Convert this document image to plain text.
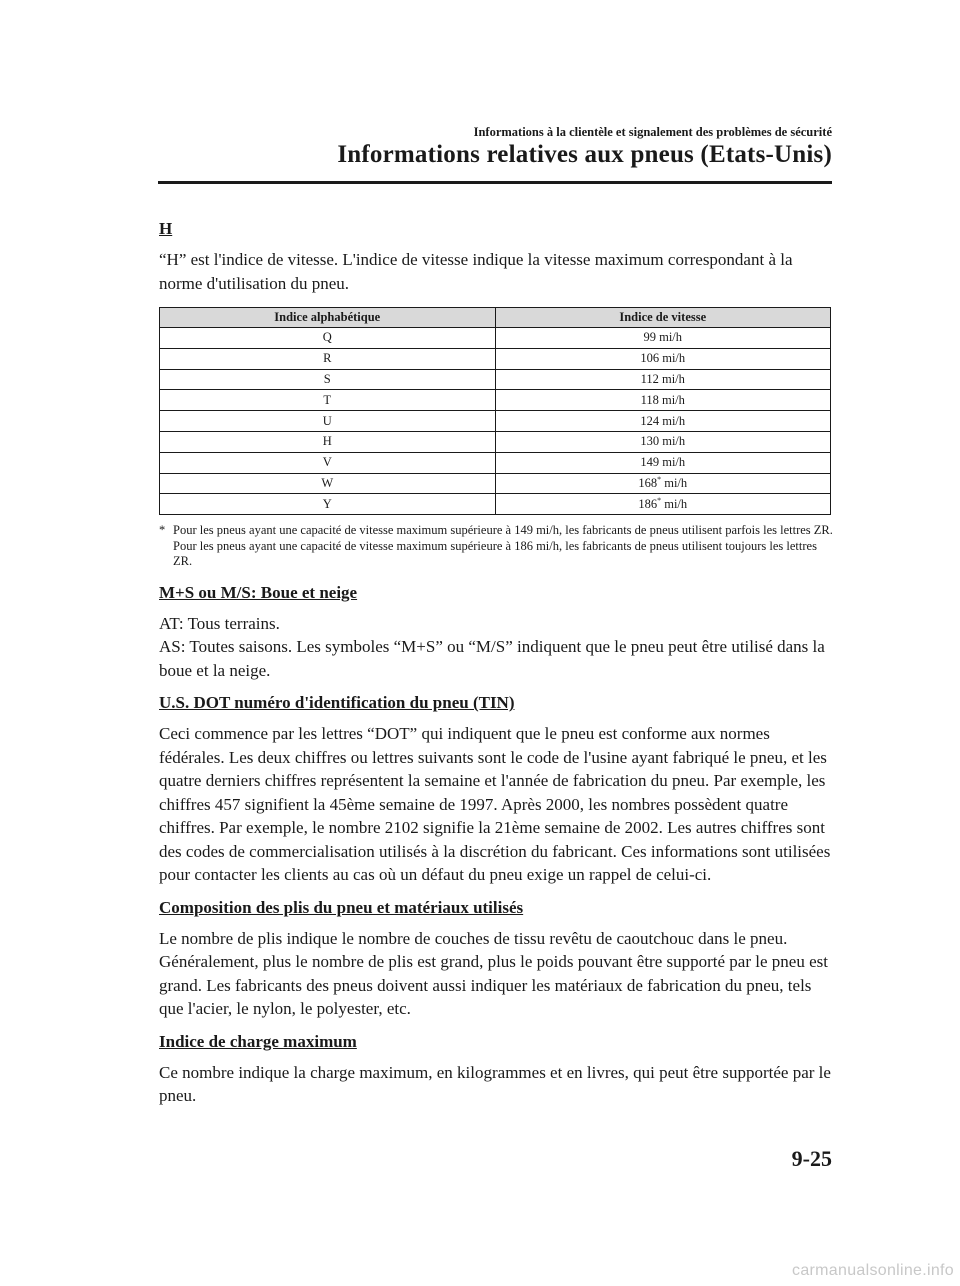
Informations à la clientèle et signalement des problèmes de sécurité
Informations relatives aux pneus (Etats-Unis)
H

“H” est l'indice de vitesse. L'indice de vitesse indique la vitesse maximum correspondant à la norme d'utilisation du pneu.

Indice alphabétique	Indice de vitesse
Q	99 mi/h
R	106 mi/h
S	112 mi/h
T	118 mi/h
U	124 mi/h
H	130 mi/h
V	149 mi/h
W	168* mi/h
Y	186* mi/h
* Pour les pneus ayant une capacité de vitesse maximum supérieure à 149 mi/h, les fabricants de pneus utilisent parfois les lettres ZR. Pour les pneus ayant une capacité de vitesse maximum supérieure à 186 mi/h, les fabricants de pneus utilisent toujours les lettres ZR.
M+S ou M/S: Boue et neige

AT: Tous terrains.

AS: Toutes saisons. Les symboles “M+S” ou “M/S” indiquent que le pneu peut être utilisé dans la boue et la neige.

U.S. DOT numéro d'identification du pneu (TIN)

Ceci commence par les lettres “DOT” qui indiquent que le pneu est conforme aux normes fédérales. Les deux chiffres ou lettres suivants sont le code de l'usine ayant fabriqué le pneu, et les quatre derniers chiffres représentent la semaine et l'année de fabrication du pneu. Par exemple, les chiffres 457 signifient la 45ème semaine de 1997. Après 2000, les nombres possèdent quatre chiffres. Par exemple, le nombre 2102 signifie la 21ème semaine de 2002. Les autres chiffres sont des codes de commercialisation utilisés à la discrétion du fabricant. Ces informations sont utilisées pour contacter les clients au cas où un défaut du pneu exige un rappel de celui-ci.

Composition des plis du pneu et matériaux utilisés

Le nombre de plis indique le nombre de couches de tissu revêtu de caoutchouc dans le pneu. Généralement, plus le nombre de plis est grand, plus le poids pouvant être supporté par le pneu est grand. Les fabricants des pneus doivent aussi indiquer les matériaux de fabrication du pneu, tels que l'acier, le nylon, le polyester, etc.

Indice de charge maximum

Ce nombre indique la charge maximum, en kilogrammes et en livres, qui peut être supportée par le pneu.

9-25
carmanualsonline.info
